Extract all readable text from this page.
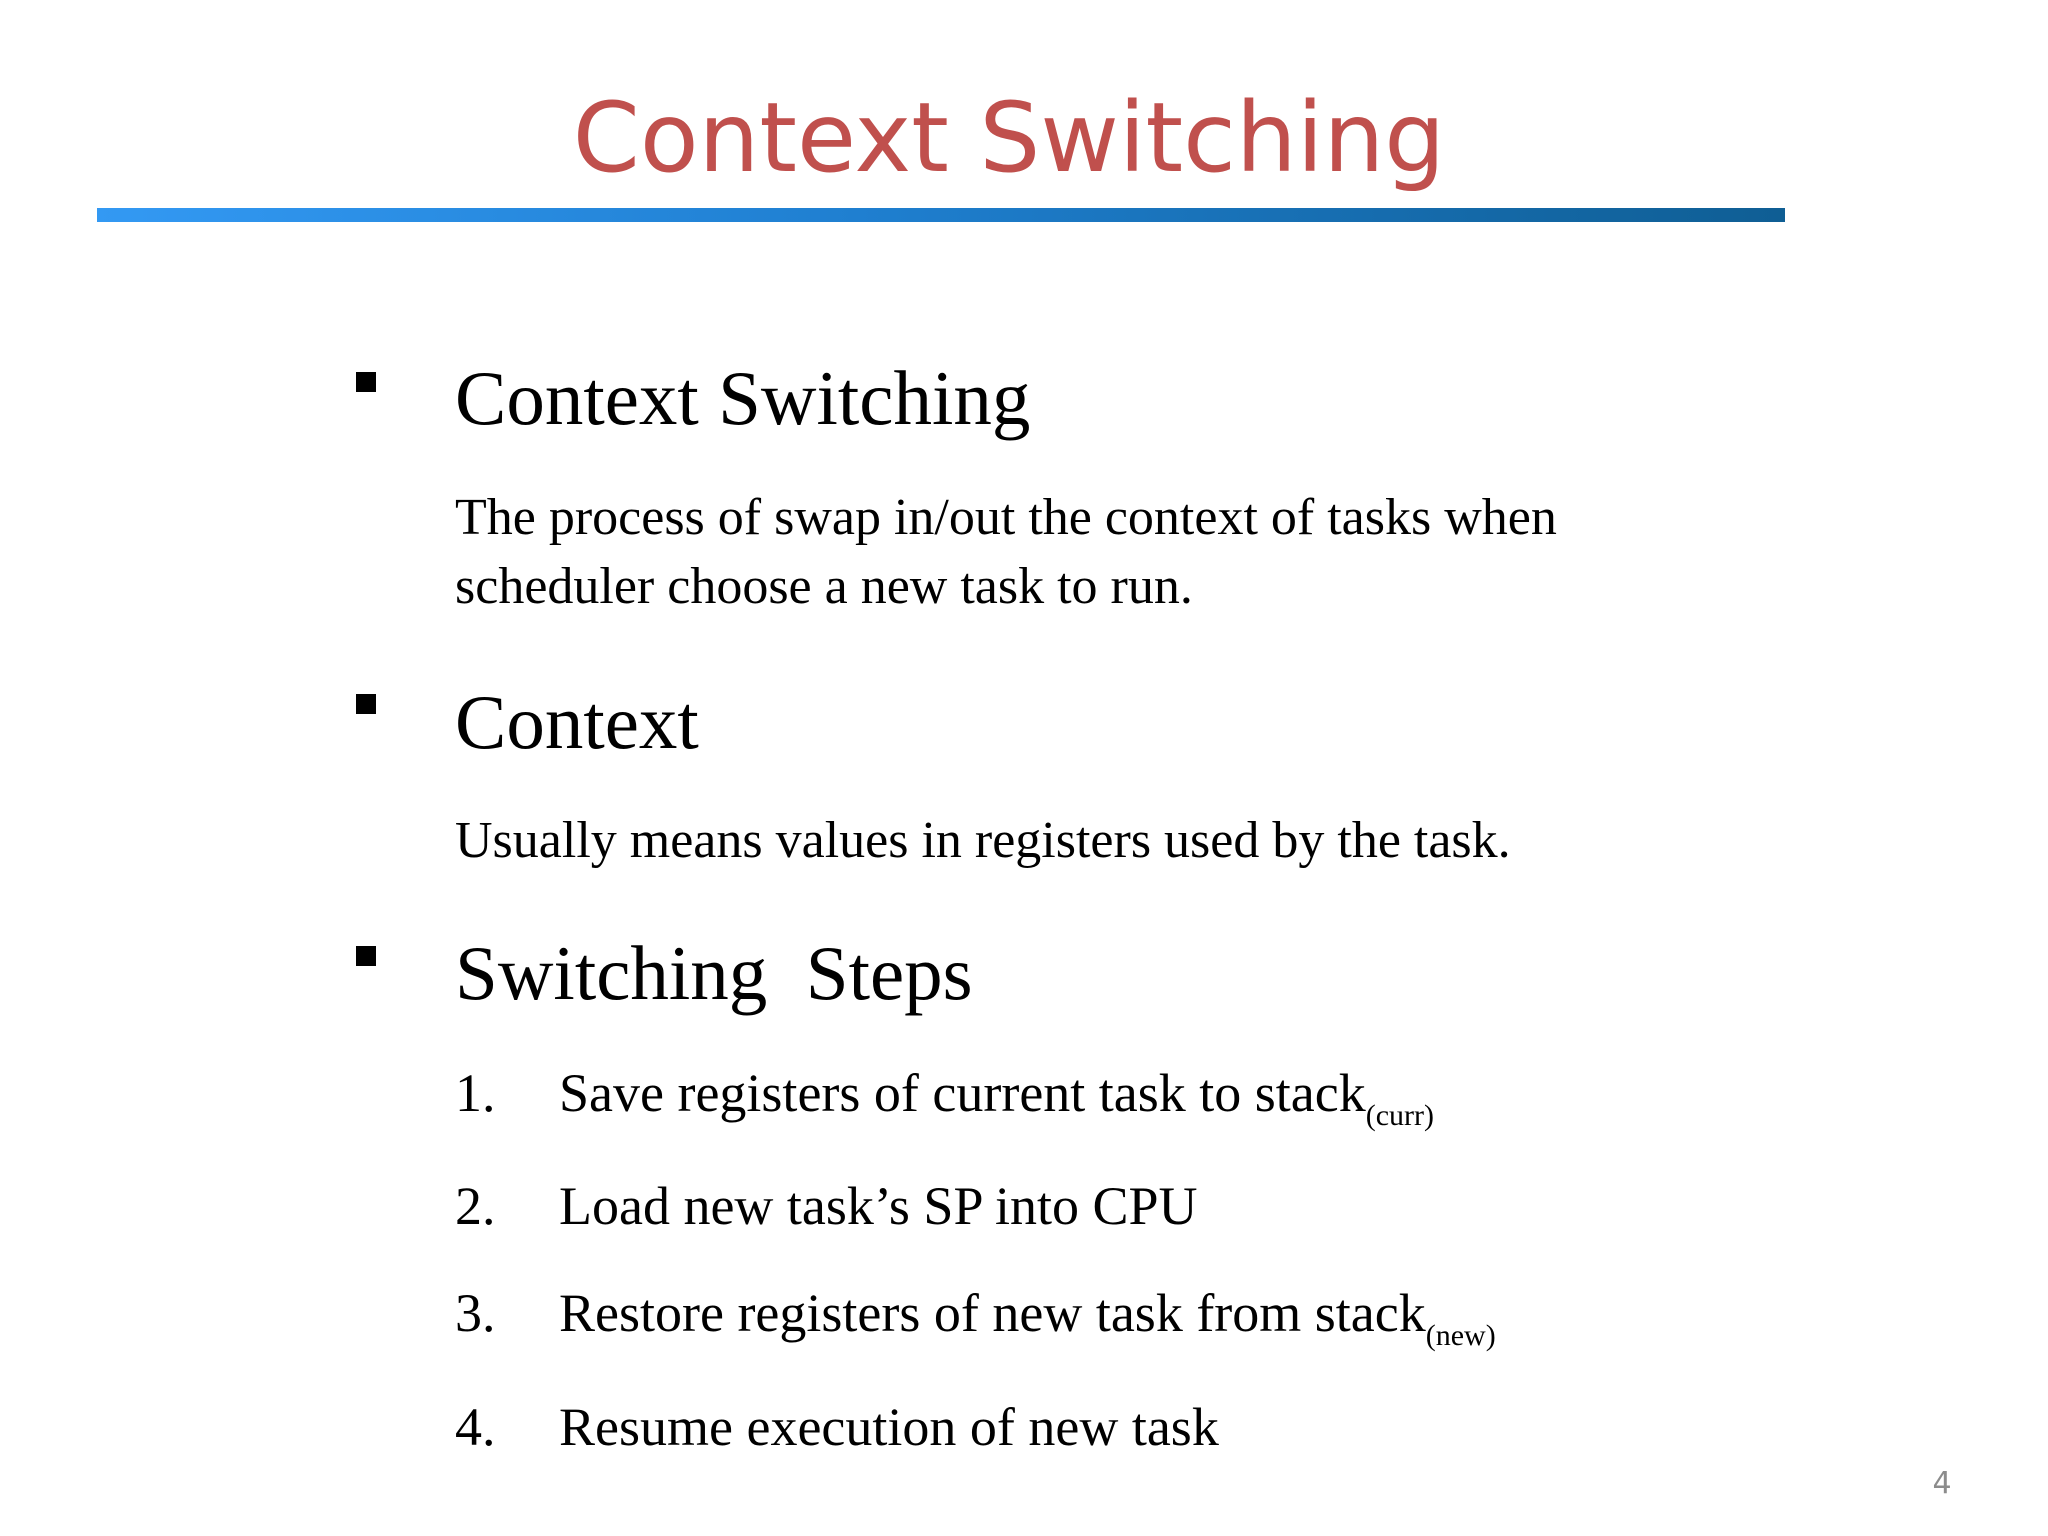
Context Switching
Context Switching
The process of swap in/out the context of tasks when
scheduler choose a new task to run.
Context
Usually means values in registers used by the task.
Switching  Steps
1. Save registers of current task to stack$_{(curr)}$
2. Load new task’s SP into CPU
3. Restore registers of new task from stack$_{(new)}$
4. Resume execution of new task
4
